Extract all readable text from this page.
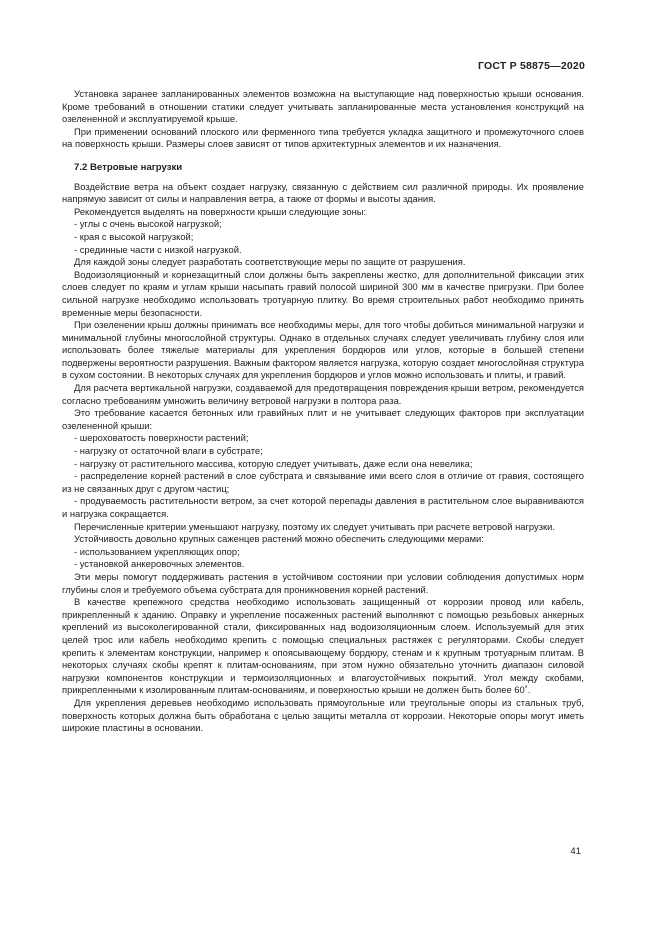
ГОСТ Р 58875—2020

Установка заранее запланированных элементов возможна на выступающие над поверхностью крыши основания. Кроме требований в отношении статики следует учитывать запланированные места установления конструкций на озелененной и эксплуатируемой крыше.

При применении оснований плоского или ферменного типа требуется укладка защитного и промежуточного слоев на поверхность крыши. Размеры слоев зависят от типов архитектурных элементов и их назначения.

7.2 Ветровые нагрузки

Воздействие ветра на объект создает нагрузку, связанную с действием сил различной природы. Их проявление напрямую зависит от силы и направления ветра, а также от формы и высоты здания.

Рекомендуется выделять на поверхности крыши следующие зоны:

- углы с очень высокой нагрузкой;

- края с высокой нагрузкой;

- срединные части с низкой нагрузкой.

Для каждой зоны следует разработать соответствующие меры по защите от разрушения.

Водоизоляционный и корнезащитный слои должны быть закреплены жестко, для дополнительной фиксации этих слоев следует по краям и углам крыши насыпать гравий полосой шириной 300 мм в качестве пригрузки. При более сильной нагрузке необходимо использовать тротуарную плитку. Во время строительных работ необходимо принять временные меры безопасности.

При озеленении крыш должны принимать все необходимы меры, для того чтобы добиться минимальной нагрузки и минимальной глубины многослойной структуры. Однако в отдельных случаях следует увеличивать глубину слоя или использовать более тяжелые материалы для укрепления бордюров или углов, которые в большей степени подвержены вероятности разрушения. Важным фактором является нагрузка, которую создает многослойная структура в сухом состоянии. В некоторых случаях для укрепления бордюров и углов можно использовать и плиты, и гравий.

Для расчета вертикальной нагрузки, создаваемой для предотвращения повреждения крыши ветром, рекомендуется согласно требованиям умножить величину ветровой нагрузки в полтора раза.

Это требование касается бетонных или гравийных плит и не учитывает следующих факторов при эксплуатации озелененной крыши:

- шероховатость поверхности растений;

- нагрузку от остаточной влаги в субстрате;

- нагрузку от растительного массива, которую следует учитывать, даже если она невелика;

- распределение корней растений в слое субстрата и связывание ими всего слоя в отличие от гравия, состоящего из не связанных друг с другом частиц;

- продуваемость растительности ветром, за счет которой перепады давления в растительном слое выравниваются и нагрузка сокращается.

Перечисленные критерии уменьшают нагрузку, поэтому их следует учитывать при расчете ветровой нагрузки.

Устойчивость довольно крупных саженцев растений можно обеспечить следующими мерами:

- использованием укрепляющих опор;

- установкой анкеровочных элементов.

Эти меры помогут поддерживать растения в устойчивом состоянии при условии соблюдения допустимых норм глубины слоя и требуемого объема субстрата для проникновения корней растений.

В качестве крепежного средства необходимо использовать защищенный от коррозии провод или кабель, прикрепленный к зданию. Оправку и укрепление посаженных растений выполняют с помощью резьбовых анкерных креплений из высоколегированной стали, фиксированных над водоизоляционным слоем. Используемый для этих целей трос или кабель необходимо крепить с помощью специальных растяжек с регуляторами. Скобы следует крепить к элементам конструкции, например к опоясывающему бордюру, стенам и к крупным тротуарным плитам. В некоторых случаях скобы крепят к плитам-основаниям, при этом нужно обязательно уточнить диапазон силовой нагрузки компонентов конструкции и термоизоляционных и влагоустойчивых покрытий. Угол между скобами, прикрепленными к изолированным плитам-основаниям, и поверхностью крыши не должен быть более 60˚.

Для укрепления деревьев необходимо использовать прямоугольные или треугольные опоры из стальных труб, поверхность которых должна быть обработана с целью защиты металла от коррозии. Некоторые опоры могут иметь широкие пластины в основании.

41
